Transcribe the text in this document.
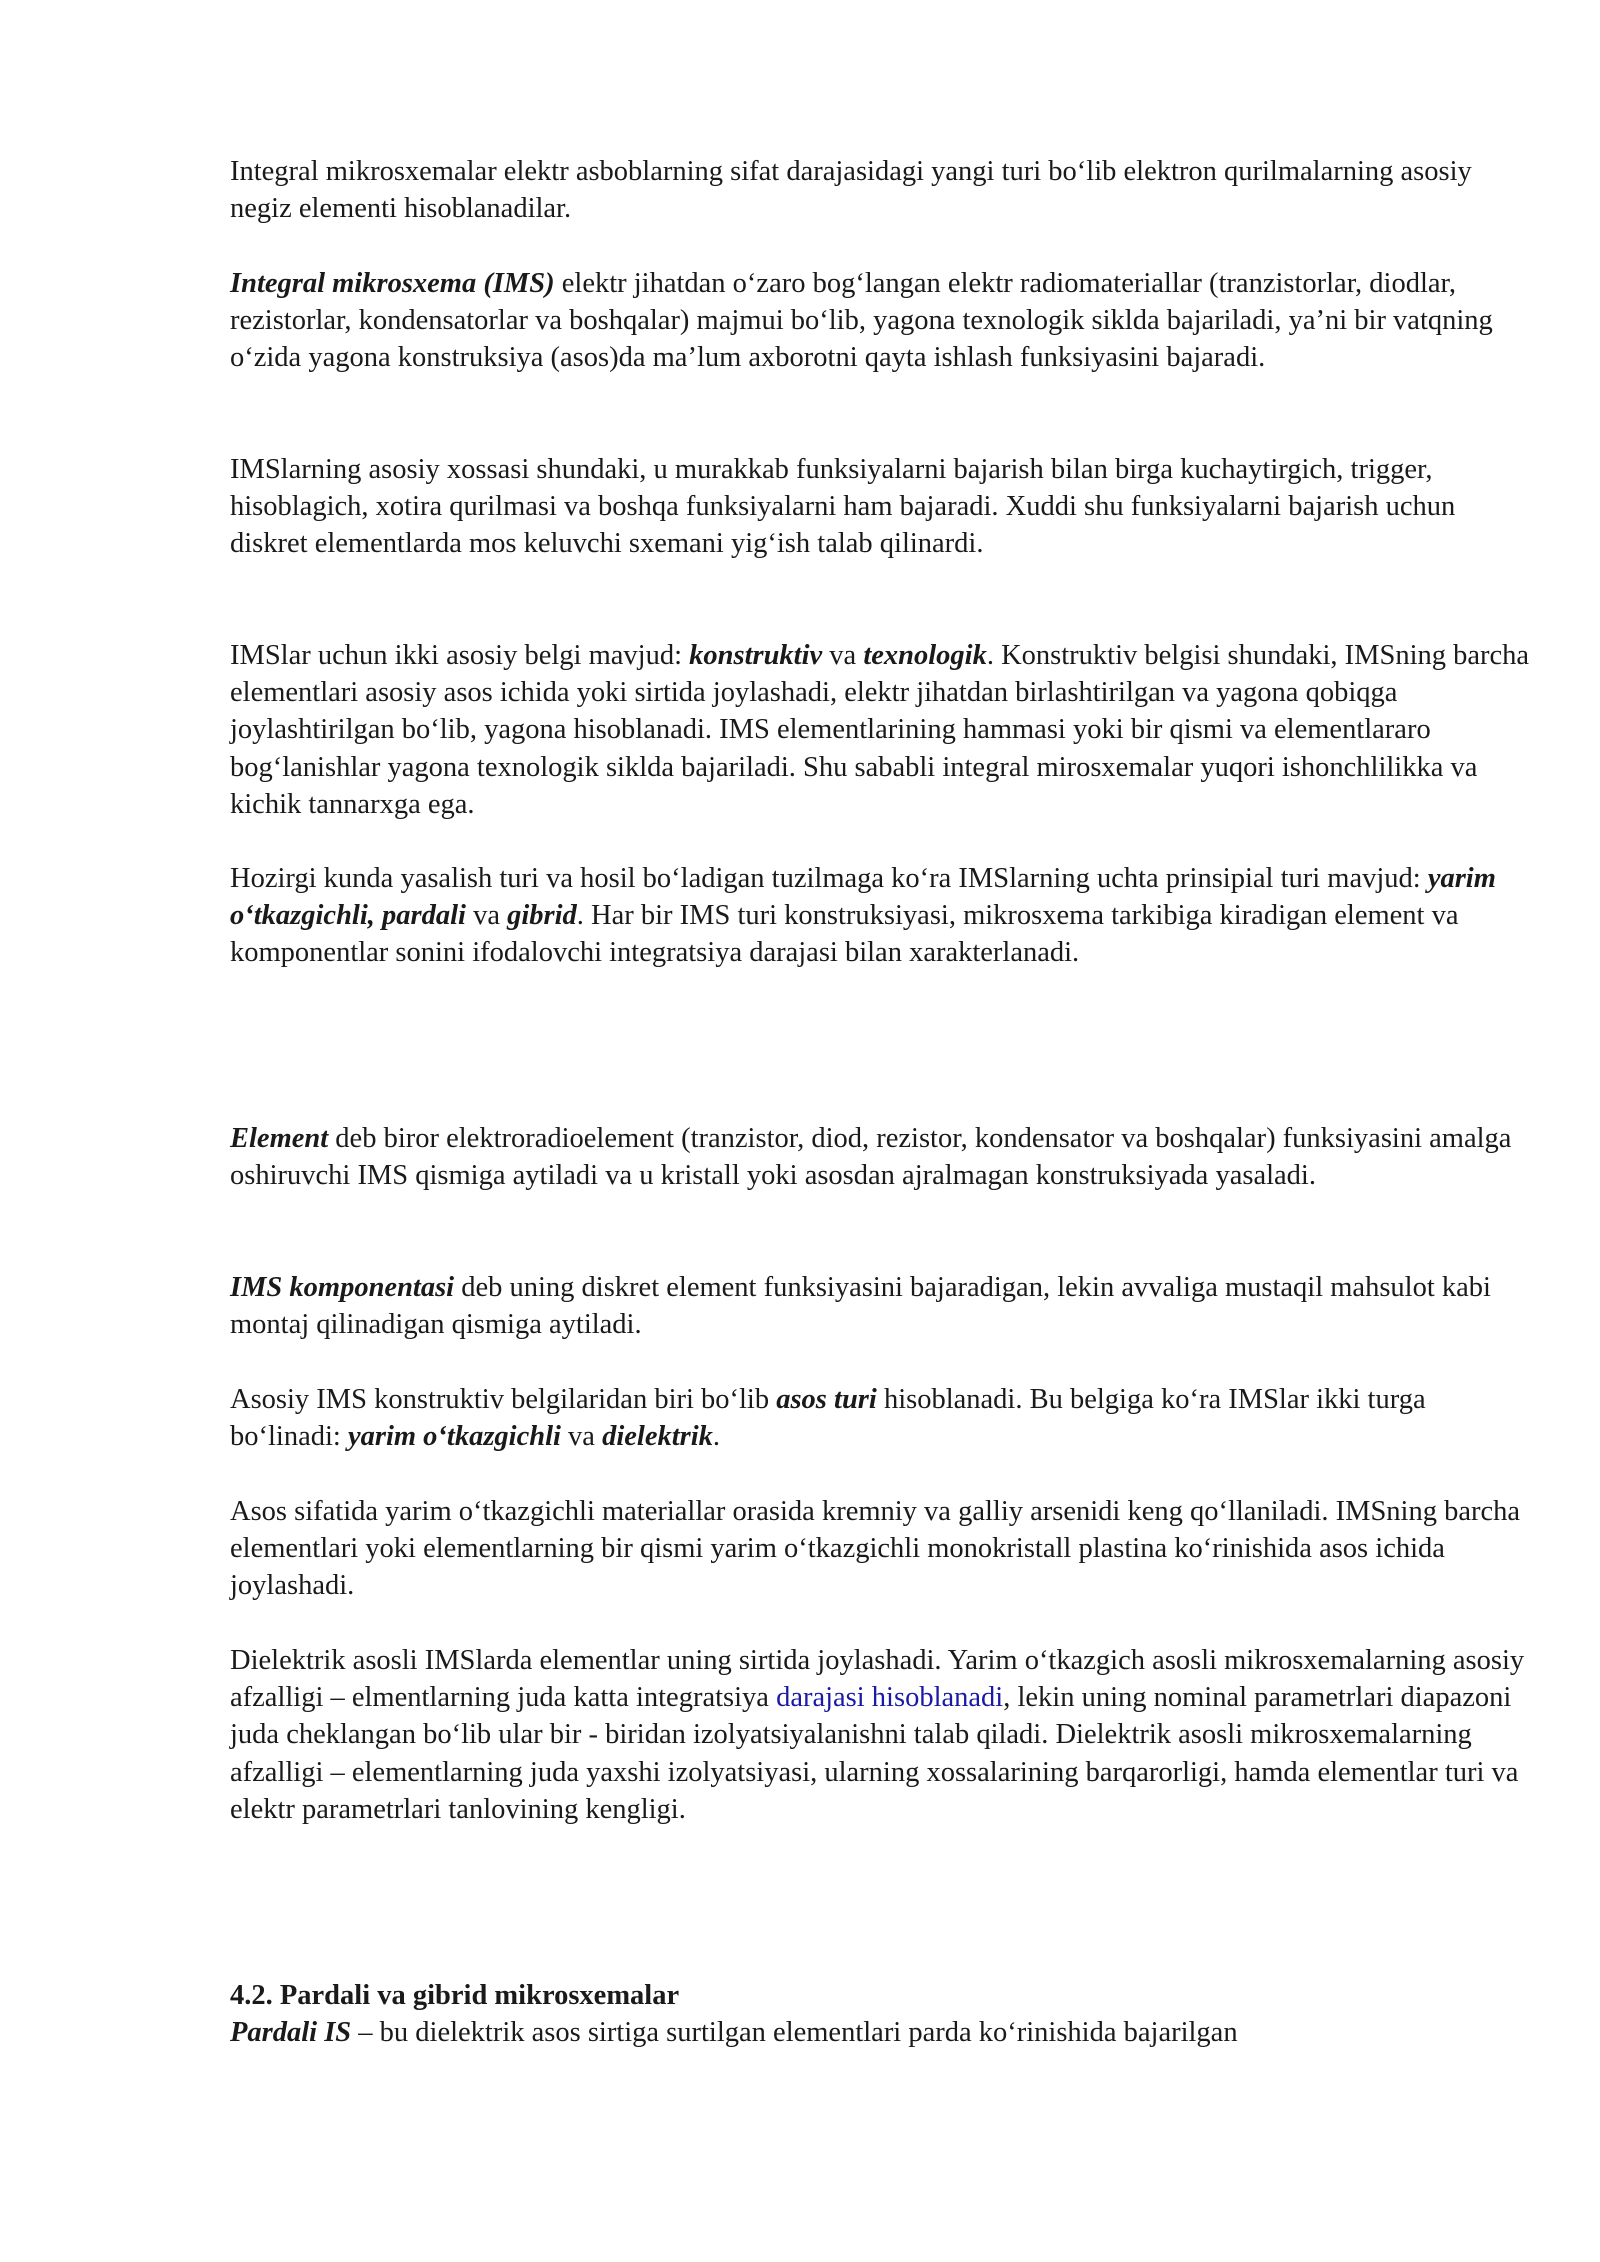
Integral mikrosxemalar elektr asboblarning sifat darajasidagi yangi turi bo‘lib elektron qurilmalarning asosiy negiz elementi hisoblanadilar.

Integral mikrosxema (IMS) elektr jihatdan o‘zaro bog‘langan elektr radiomateriallar (tranzistorlar, diodlar, rezistorlar, kondensatorlar va boshqalar) majmui bo‘lib, yagona texnologik siklda bajariladi, ya’ni bir vatqning o‘zida yagona konstruksiya (asos)da ma’lum axborotni qayta ishlash funksiyasini bajaradi.

IMSlarning asosiy xossasi shundaki, u murakkab funksiyalarni bajarish bilan birga kuchaytirgich, trigger, hisoblagich, xotira qurilmasi va boshqa funksiyalarni ham bajaradi. Xuddi shu funksiyalarni bajarish uchun diskret elementlarda mos keluvchi sxemani yig‘ish talab qilinardi.

IMSlar uchun ikki asosiy belgi mavjud: konstruktiv va texnologik. Konstruktiv belgisi shundaki, IMSning barcha elementlari asosiy asos ichida yoki sirtida joylashadi, elektr jihatdan birlashtirilgan va yagona qobiqga joylashtirilgan bo‘lib, yagona hisoblanadi. IMS elementlarining hammasi yoki bir qismi va elementlararo bog‘lanishlar yagona texnologik siklda bajariladi. Shu sababli integral mirosxemalar yuqori ishonchlilikka va kichik tannarxga ega.

Hozirgi kunda yasalish turi va hosil bo‘ladigan tuzilmaga ko‘ra IMSlarning uchta prinsipial turi mavjud: yarim o‘tkazgichli, pardali va gibrid. Har bir IMS turi konstruksiyasi, mikrosxema tarkibiga kiradigan element va komponentlar sonini ifodalovchi integratsiya darajasi bilan xarakterlanadi.

Element deb biror elektroradioelement (tranzistor, diod, rezistor, kondensator va boshqalar) funksiyasini amalga oshiruvchi IMS qismiga aytiladi va u kristall yoki asosdan ajralmagan konstruksiyada yasaladi.

IMS komponentasi deb uning diskret element funksiyasini bajaradigan, lekin avvaliga mustaqil mahsulot kabi montaj qilinadigan qismiga aytiladi.

Asosiy IMS konstruktiv belgilaridan biri bo‘lib asos turi hisoblanadi. Bu belgiga ko‘ra IMSlar ikki turga bo‘linadi: yarim o‘tkazgichli va dielektrik.

Asos sifatida yarim o‘tkazgichli materiallar orasida kremniy va galliy arsenidi keng qo‘llaniladi. IMSning barcha elementlari yoki elementlarning bir qismi yarim o‘tkazgichli monokristall plastina ko‘rinishida asos ichida joylashadi.

Dielektrik asosli IMSlarda elementlar uning sirtida joylashadi. Yarim o‘tkazgich asosli mikrosxemalarning asosiy afzalligi – elmentlarning juda katta integratsiya darajasi hisoblanadi, lekin uning nominal parametrlari diapazoni juda cheklangan bo‘lib ular bir - biridan izolyatsiyalanishni talab qiladi. Dielektrik asosli mikrosxemalarning afzalligi – elementlarning juda yaxshi izolyatsiyasi, ularning xossalarining barqarorligi, hamda elementlar turi va elektr parametrlari tanlovining kengligi.

4.2. Pardali va gibrid mikrosxemalar

Pardali IS – bu dielektrik asos sirtiga surtilgan elementlari parda ko‘rinishida bajarilgan
